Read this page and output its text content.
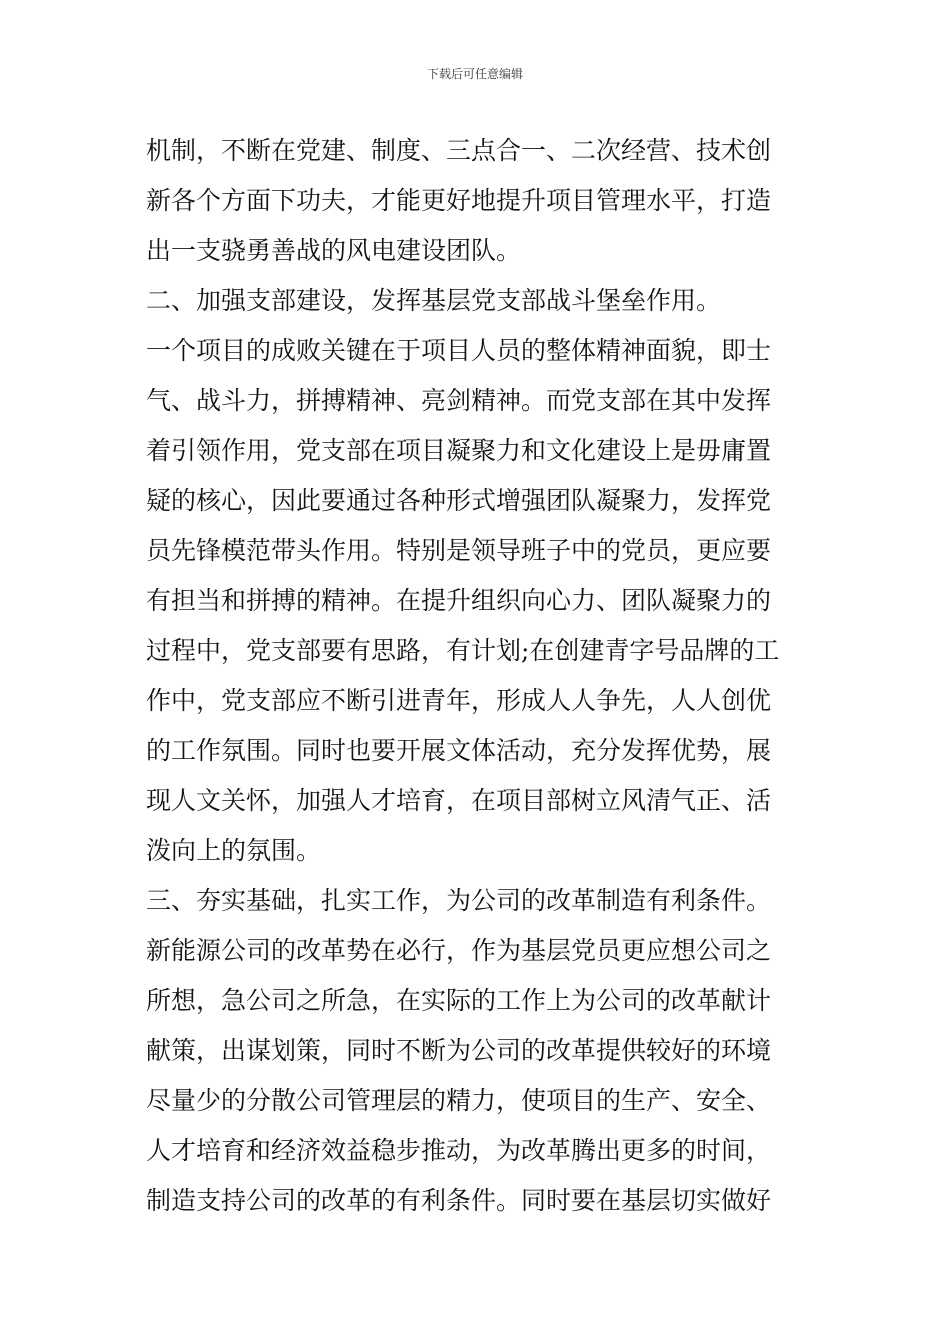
下载后可任意编辑
机制，不断在党建、制度、三点合一、二次经营、技术创
新各个方面下功夫，才能更好地提升项目管理水平，打造
出一支骁勇善战的风电建设团队。
二、加强支部建设，发挥基层党支部战斗堡垒作用。
一个项目的成败关键在于项目人员的整体精神面貌，即士
气、战斗力，拼搏精神、亮剑精神。而党支部在其中发挥
着引领作用，党支部在项目凝聚力和文化建设上是毋庸置
疑的核心，因此要通过各种形式增强团队凝聚力，发挥党
员先锋模范带头作用。特别是领导班子中的党员，更应要
有担当和拼搏的精神。在提升组织向心力、团队凝聚力的
过程中，党支部要有思路，有计划;在创建青字号品牌的工
作中，党支部应不断引进青年，形成人人争先，人人创优
的工作氛围。同时也要开展文体活动，充分发挥优势，展
现人文关怀，加强人才培育，在项目部树立风清气正、活
泼向上的氛围。
三、夯实基础，扎实工作，为公司的改革制造有利条件。
新能源公司的改革势在必行，作为基层党员更应想公司之
所想，急公司之所急，在实际的工作上为公司的改革献计
献策，出谋划策，同时不断为公司的改革提供较好的环境
尽量少的分散公司管理层的精力，使项目的生产、安全、
人才培育和经济效益稳步推动，为改革腾出更多的时间，
制造支持公司的改革的有利条件。同时要在基层切实做好
